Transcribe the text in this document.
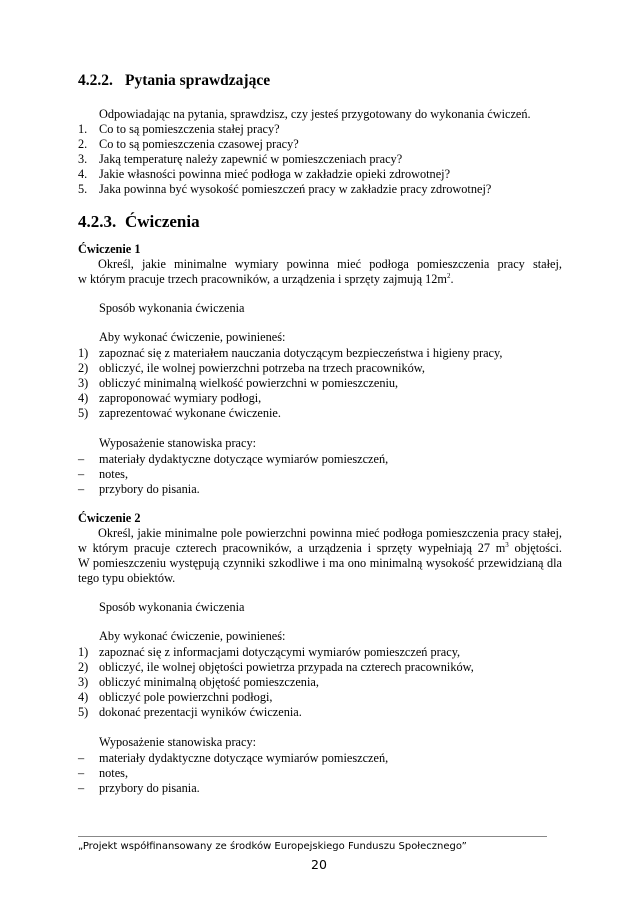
4.2.2. Pytania sprawdzające
Odpowiadając na pytania, sprawdzisz, czy jesteś przygotowany do wykonania ćwiczeń.
1. Co to są pomieszczenia stałej pracy?
2. Co to są pomieszczenia czasowej pracy?
3. Jaką temperaturę należy zapewnić w pomieszczeniach pracy?
4. Jakie własności powinna mieć podłoga w zakładzie opieki zdrowotnej?
5. Jaka powinna być wysokość pomieszczeń pracy w zakładzie pracy zdrowotnej?
4.2.3. Ćwiczenia
Ćwiczenie 1
Określ, jakie minimalne wymiary powinna mieć podłoga pomieszczenia pracy stałej,
w którym pracuje trzech pracowników, a urządzenia i sprzęty zajmują $12m^2$.
Sposób wykonania ćwiczenia
Aby wykonać ćwiczenie, powinieneś:
1) zapoznać się z materiałem nauczania dotyczącym bezpieczeństwa i higieny pracy,
2) obliczyć, ile wolnej powierzchni potrzeba na trzech pracowników,
3) obliczyć minimalną wielkość powierzchni w pomieszczeniu,
4) zaproponować wymiary podłogi,
5) zaprezentować wykonane ćwiczenie.
Wyposażenie stanowiska pracy:
– materiały dydaktyczne dotyczące wymiarów pomieszczeń,
– notes,
– przybory do pisania.
Ćwiczenie 2
Określ, jakie minimalne pole powierzchni powinna mieć podłoga pomieszczenia pracy stałej,
w którym pracuje czterech pracowników, a urządzenia i sprzęty wypełniają 27 $m^3$ objętości.
W pomieszczeniu występują czynniki szkodliwe i ma ono minimalną wysokość przewidzianą dla
tego typu obiektów.
Sposób wykonania ćwiczenia
Aby wykonać ćwiczenie, powinieneś:
1) zapoznać się z informacjami dotyczącymi wymiarów pomieszczeń pracy,
2) obliczyć, ile wolnej objętości powietrza przypada na czterech pracowników,
3) obliczyć minimalną objętość pomieszczenia,
4) obliczyć pole powierzchni podłogi,
5) dokonać prezentacji wyników ćwiczenia.
Wyposażenie stanowiska pracy:
– materiały dydaktyczne dotyczące wymiarów pomieszczeń,
– notes,
– przybory do pisania.
„Projekt współfinansowany ze środków Europejskiego Funduszu Społecznego”
20
